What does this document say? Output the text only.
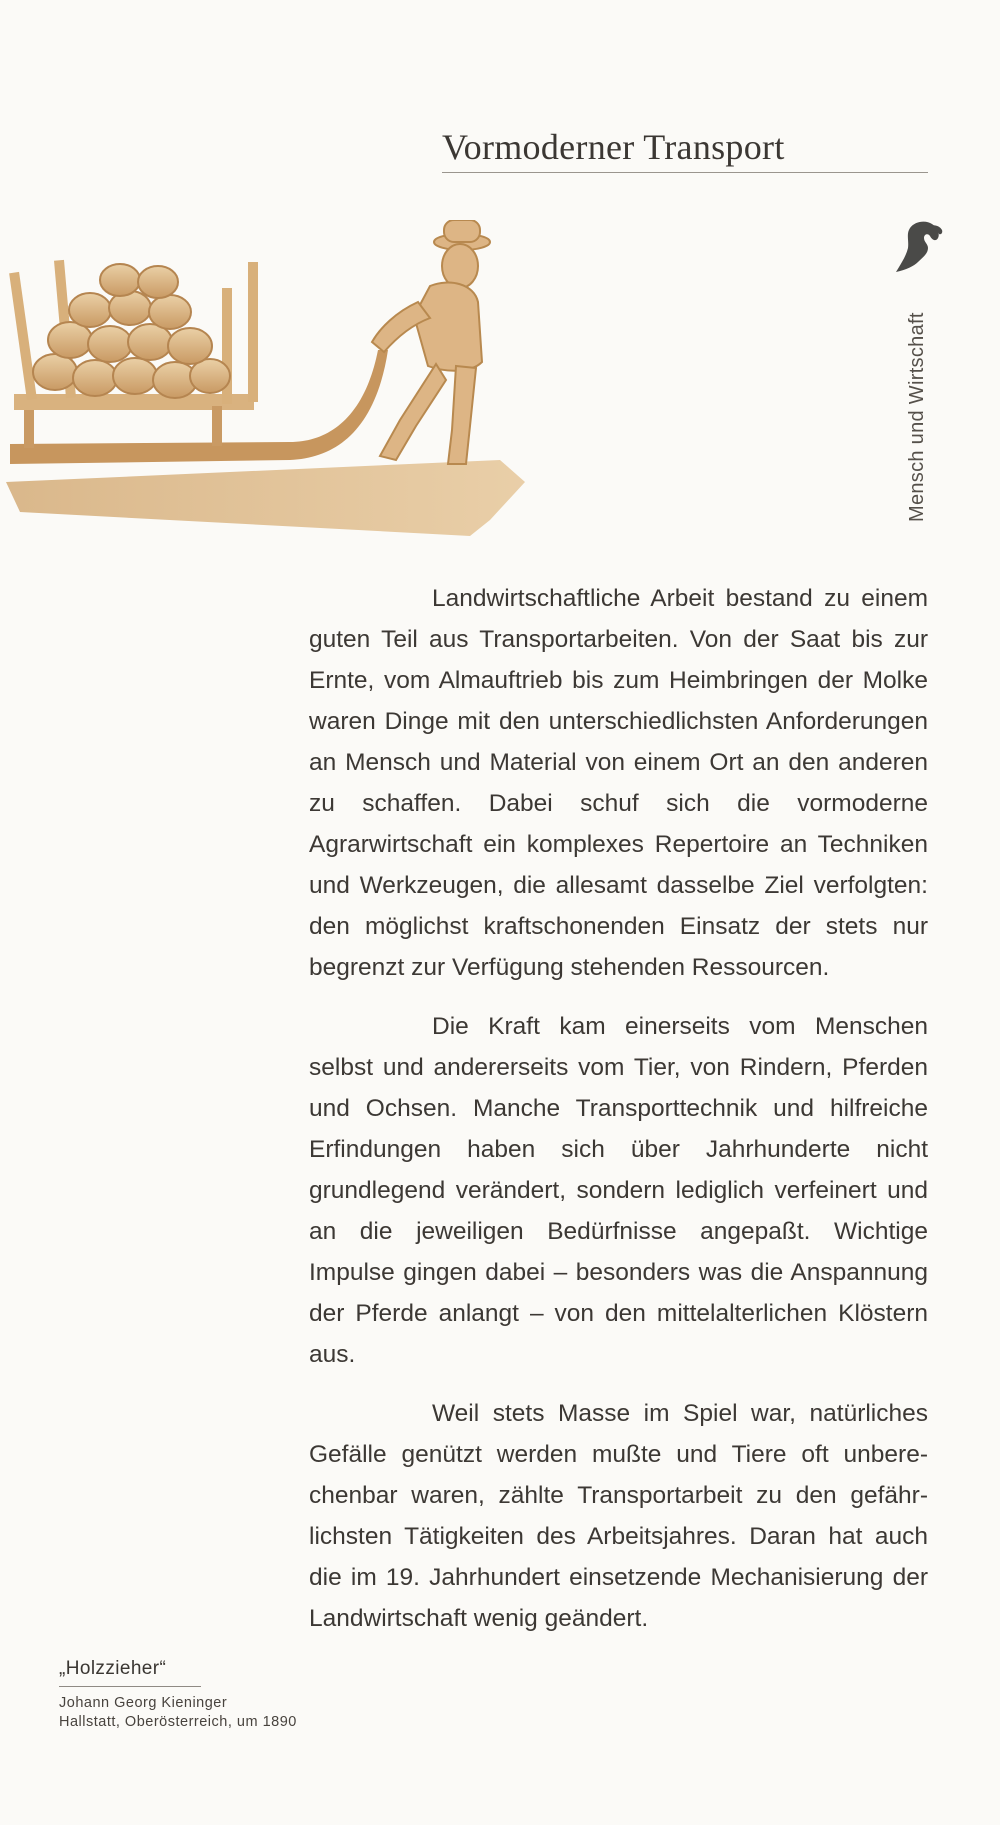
Vormoderner Transport
Mensch und Wirtschaft

Landwirtschaftliche Arbeit bestand zu einem guten Teil aus Transportarbeiten. Von der Saat bis zur Ernte, vom Almauftrieb bis zum Heimbringen der Molke waren Dinge mit den unterschiedlichsten Anforderungen an Mensch und Material von einem Ort an den anderen zu schaffen. Dabei schuf sich die vormoderne Agrarwirtschaft ein komplexes Repertoire an Techniken und Werkzeugen, die allesamt dasselbe Ziel verfolgten: den möglichst kraftschonenden Einsatz der stets nur begrenzt zur Verfügung stehenden Ressourcen.

Die Kraft kam einerseits vom Menschen selbst und andererseits vom Tier, von Rindern, Pferden und Ochsen. Manche Transporttechnik und hilfreiche Erfindungen haben sich über Jahrhunderte nicht grundlegend verändert, sondern lediglich verfeinert und an die jeweiligen Bedürfnisse angepaßt. Wichtige Impulse gingen dabei – besonders was die Anspannung der Pferde anlangt – von den mittelalterlichen Klöstern aus.

Weil stets Masse im Spiel war, natürliches Gefälle genützt werden mußte und Tiere oft unberechenbar waren, zählte Transportarbeit zu den gefährlichsten Tätigkeiten des Arbeitsjahres. Daran hat auch die im 19. Jahrhundert einsetzende Mechanisierung der Landwirtschaft wenig geändert.

„Holzzieher“
Johann Georg Kieninger
Hallstatt, Oberösterreich, um 1890
